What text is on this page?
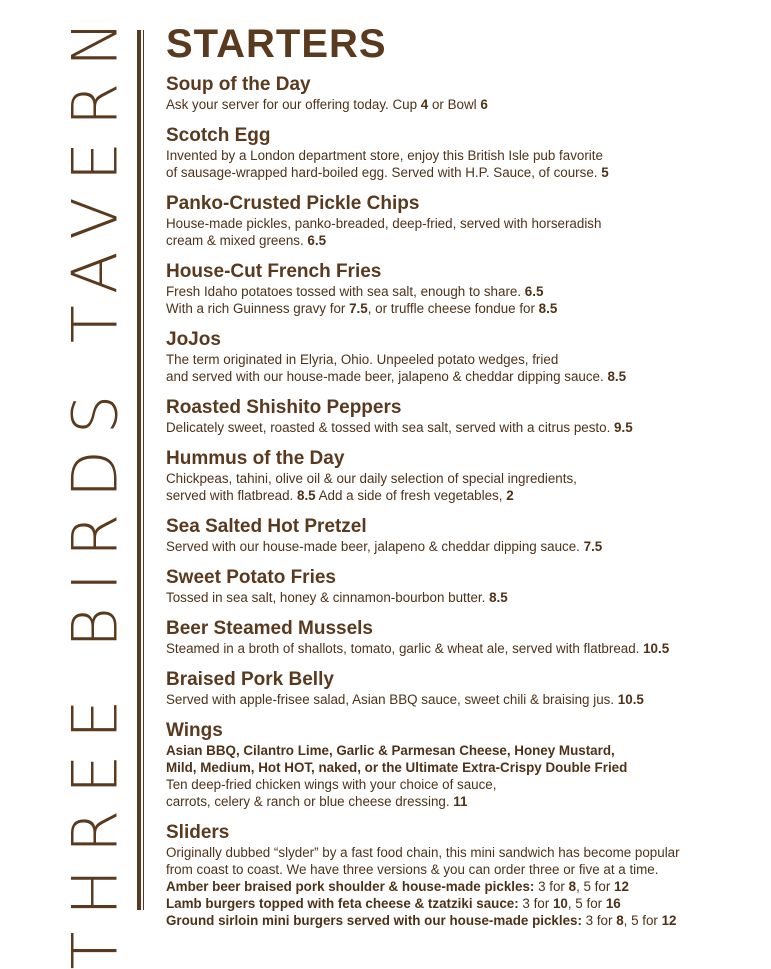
THREE BIRDS TAVERN STARTERS
Soup of the Day
Ask your server for our offering today. Cup 4 or Bowl 6
Scotch Egg
Invented by a London department store, enjoy this British Isle pub favorite
of sausage-wrapped hard-boiled egg. Served with H.P. Sauce, of course. 5
Panko-Crusted Pickle Chips
House-made pickles, panko-breaded, deep-fried, served with horseradish
cream & mixed greens. 6.5
House-Cut French Fries
Fresh Idaho potatoes tossed with sea salt, enough to share. 6.5
With a rich Guinness gravy for 7.5, or truffle cheese fondue for 8.5
JoJos
The term originated in Elyria, Ohio. Unpeeled potato wedges, fried
and served with our house-made beer, jalapeno & cheddar dipping sauce. 8.5
Roasted Shishito Peppers
Delicately sweet, roasted & tossed with sea salt, served with a citrus pesto. 9.5
Hummus of the Day
Chickpeas, tahini, olive oil & our daily selection of special ingredients,
served with flatbread. 8.5 Add a side of fresh vegetables, 2
Sea Salted Hot Pretzel
Served with our house-made beer, jalapeno & cheddar dipping sauce. 7.5
Sweet Potato Fries
Tossed in sea salt, honey & cinnamon-bourbon butter. 8.5
Beer Steamed Mussels
Steamed in a broth of shallots, tomato, garlic & wheat ale, served with flatbread. 10.5
Braised Pork Belly
Served with apple-frisee salad, Asian BBQ sauce, sweet chili & braising jus. 10.5
Wings
Asian BBQ, Cilantro Lime, Garlic & Parmesan Cheese, Honey Mustard,
Mild, Medium, Hot HOT, naked, or the Ultimate Extra-Crispy Double Fried
Ten deep-fried chicken wings with your choice of sauce,
carrots, celery & ranch or blue cheese dressing. 11
Sliders
Originally dubbed “slyder” by a fast food chain, this mini sandwich has become popular
from coast to coast. We have three versions & you can order three or five at a time.
Amber beer braised pork shoulder & house-made pickles: 3 for 8, 5 for 12
Lamb burgers topped with feta cheese & tzatziki sauce: 3 for 10, 5 for 16
Ground sirloin mini burgers served with our house-made pickles: 3 for 8, 5 for 12
